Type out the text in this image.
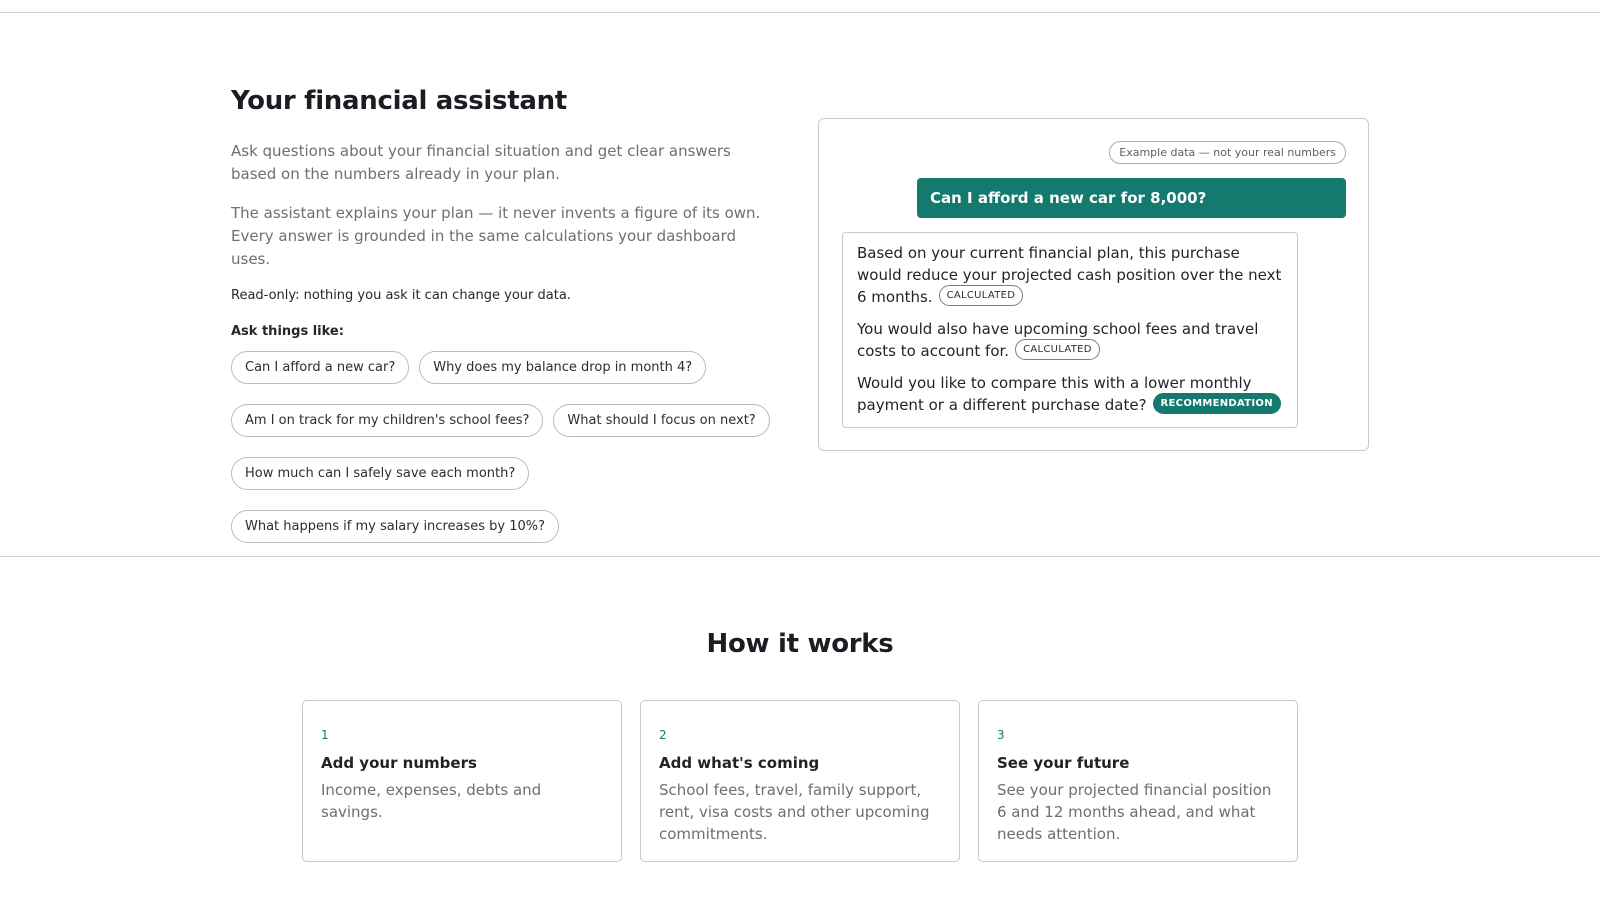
Your financial assistant

Ask questions about your financial situation and get clear answers based on the numbers already in your plan.

The assistant explains your plan — it never invents a figure of its own. Every answer is grounded in the same calculations your dashboard uses.

Read-only: nothing you ask it can change your data.

Ask things like:

Can I afford a new car?	Why does my balance drop in month 4?
Am I on track for my children's school fees?	What should I focus on next?
How much can I safely save each month?
What happens if my salary increases by 10%?
Example data — not your real numbers
Can I afford a new car for 8,000?

Based on your current financial plan, this purchase would reduce your projected cash position over the next 6 months. CALCULATED

You would also have upcoming school fees and travel costs to account for. CALCULATED

Would you like to compare this with a lower monthly payment or a different purchase date? RECOMMENDATION

How it works
1
Add your numbers
Income, expenses, debts and savings.
2
Add what's coming
School fees, travel, family support, rent, visa costs and other upcoming commitments.
3
See your future
See your projected financial position 6 and 12 months ahead, and what needs attention.
